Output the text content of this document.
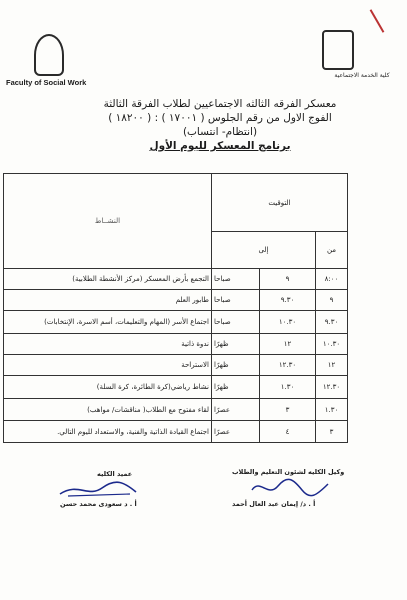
Faculty of Social Work
كلية الخدمة الاجتماعية
معسكر الفرقه الثالثه الاجتماعيين لطلاب الفرقة الثالثة
الفوج الاول من رقم الجلوس ( ١٧٠٠١ ) : ( ١٨٢٠٠ )
(انتظام- انتساب)
برنامج المعسكر لليوم الأول
النشــاط	التوقيت		
	إلى		من
التجمع بأرض المعسكر (مركز الأنشطة الطلابية)	صباحا	٩	٨:٠٠
طابور العلم	صباحا	٩.٣٠	٩
اجتماع الأسر (المهام والتعليمات، أسم الاسرة، الإنتخابات)	صباحا	١٠.٣٠	٩.٣٠
ندوة ذاتية	ظهرًا	١٢	١٠.٣٠
الاستراحة	ظهرًا	١٢.٣٠	١٢
نشاط رياضي(كرة الطائرة، كرة السلة)	ظهرًا	١.٣٠	١٢.٣٠
لقاء مفتوح مع الطلاب( مناقشات/ مواهب)	عصرًا	٣	١.٣٠
اجتماع القيادة الذاتية والفنية، والاستعداد لليوم التالي.	عصرًا	٤	٣
عميد الكليه
أ . د سعودى محمد حسن
وكيل الكليه لشئون التعليم والطلاب
أ . د/ إيمان عبد العال أحمد
